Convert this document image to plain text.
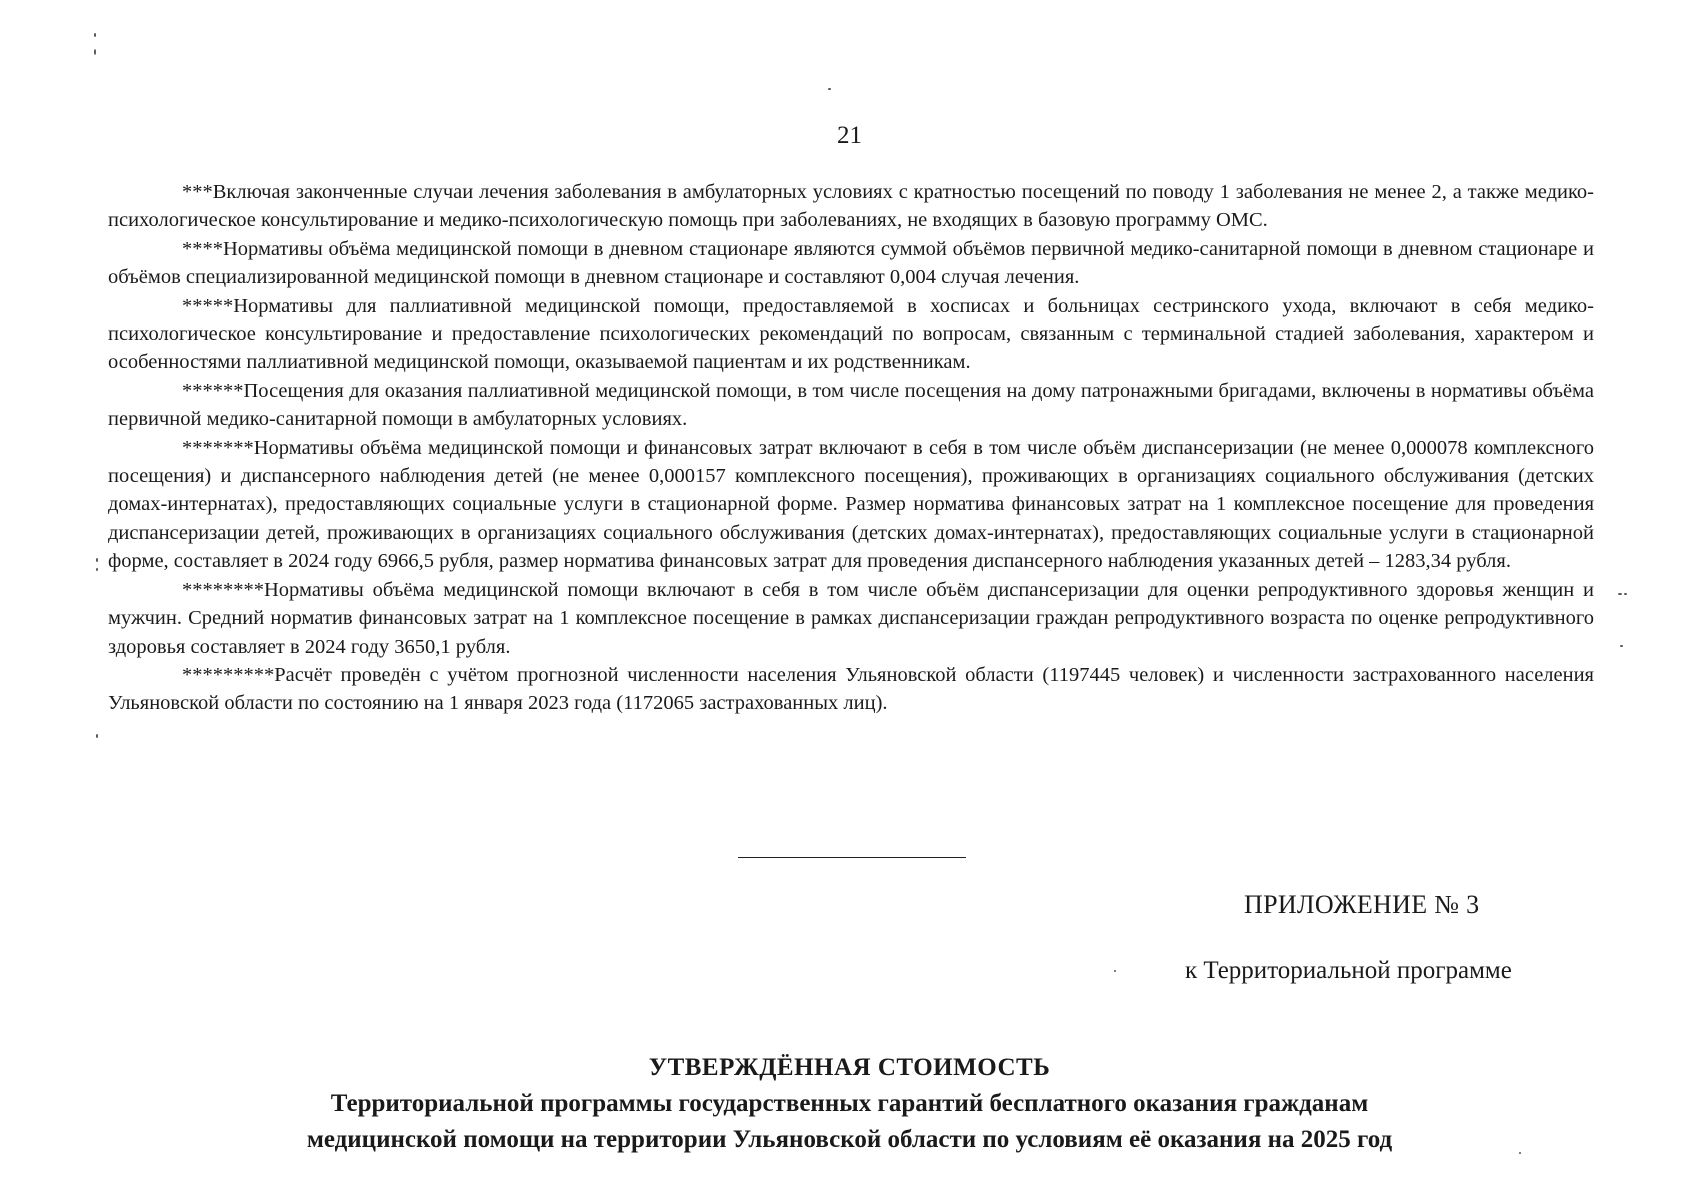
21

***Включая законченные случаи лечения заболевания в амбулаторных условиях с кратностью посещений по поводу 1 заболевания не менее 2, а также медико-психологическое консультирование и медико-психологическую помощь при заболеваниях, не входящих в базовую программу ОМС.

****Нормативы объёма медицинской помощи в дневном стационаре являются суммой объёмов первичной медико-санитарной помощи в дневном стационаре и объёмов специализированной медицинской помощи в дневном стационаре и составляют 0,004 случая лечения.

*****Нормативы для паллиативной медицинской помощи, предоставляемой в хосписах и больницах сестринского ухода, включают в себя медико-психологическое консультирование и предоставление психологических рекомендаций по вопросам, связанным с терминальной стадией заболевания, характером и особенностями паллиативной медицинской помощи, оказываемой пациентам и их родственникам.

******Посещения для оказания паллиативной медицинской помощи, в том числе посещения на дому патронажными бригадами, включены в нормативы объёма первичной медико-санитарной помощи в амбулаторных условиях.

*******Нормативы объёма медицинской помощи и финансовых затрат включают в себя в том числе объём диспансеризации (не менее 0,000078 комплексного посещения) и диспансерного наблюдения детей (не менее 0,000157 комплексного посещения), проживающих в организациях социального обслуживания (детских домах-интернатах), предоставляющих социальные услуги в стационарной форме. Размер норматива финансовых затрат на 1 комплексное посещение для проведения диспансеризации детей, проживающих в организациях социального обслуживания (детских домах-интернатах), предоставляющих социальные услуги в стационарной форме, составляет в 2024 году 6966,5 рубля, размер норматива финансовых затрат для проведения диспансерного наблюдения указанных детей – 1283,34 рубля.

********Нормативы объёма медицинской помощи включают в себя в том числе объём диспансеризации для оценки репродуктивного здоровья женщин и мужчин. Средний норматив финансовых затрат на 1 комплексное посещение в рамках диспансеризации граждан репродуктивного возраста по оценке репродуктивного здоровья составляет в 2024 году 3650,1 рубля.

*********Расчёт проведён с учётом прогнозной численности населения Ульяновской области (1197445 человек) и численности застрахованного населения Ульяновской области по состоянию на 1 января 2023 года (1172065 застрахованных лиц).

ПРИЛОЖЕНИЕ № 3
к Территориальной программе
УТВЕРЖДЁННАЯ СТОИМОСТЬ
Территориальной программы государственных гарантий бесплатного оказания гражданам
медицинской помощи на территории Ульяновской области по условиям её оказания на 2025 год
